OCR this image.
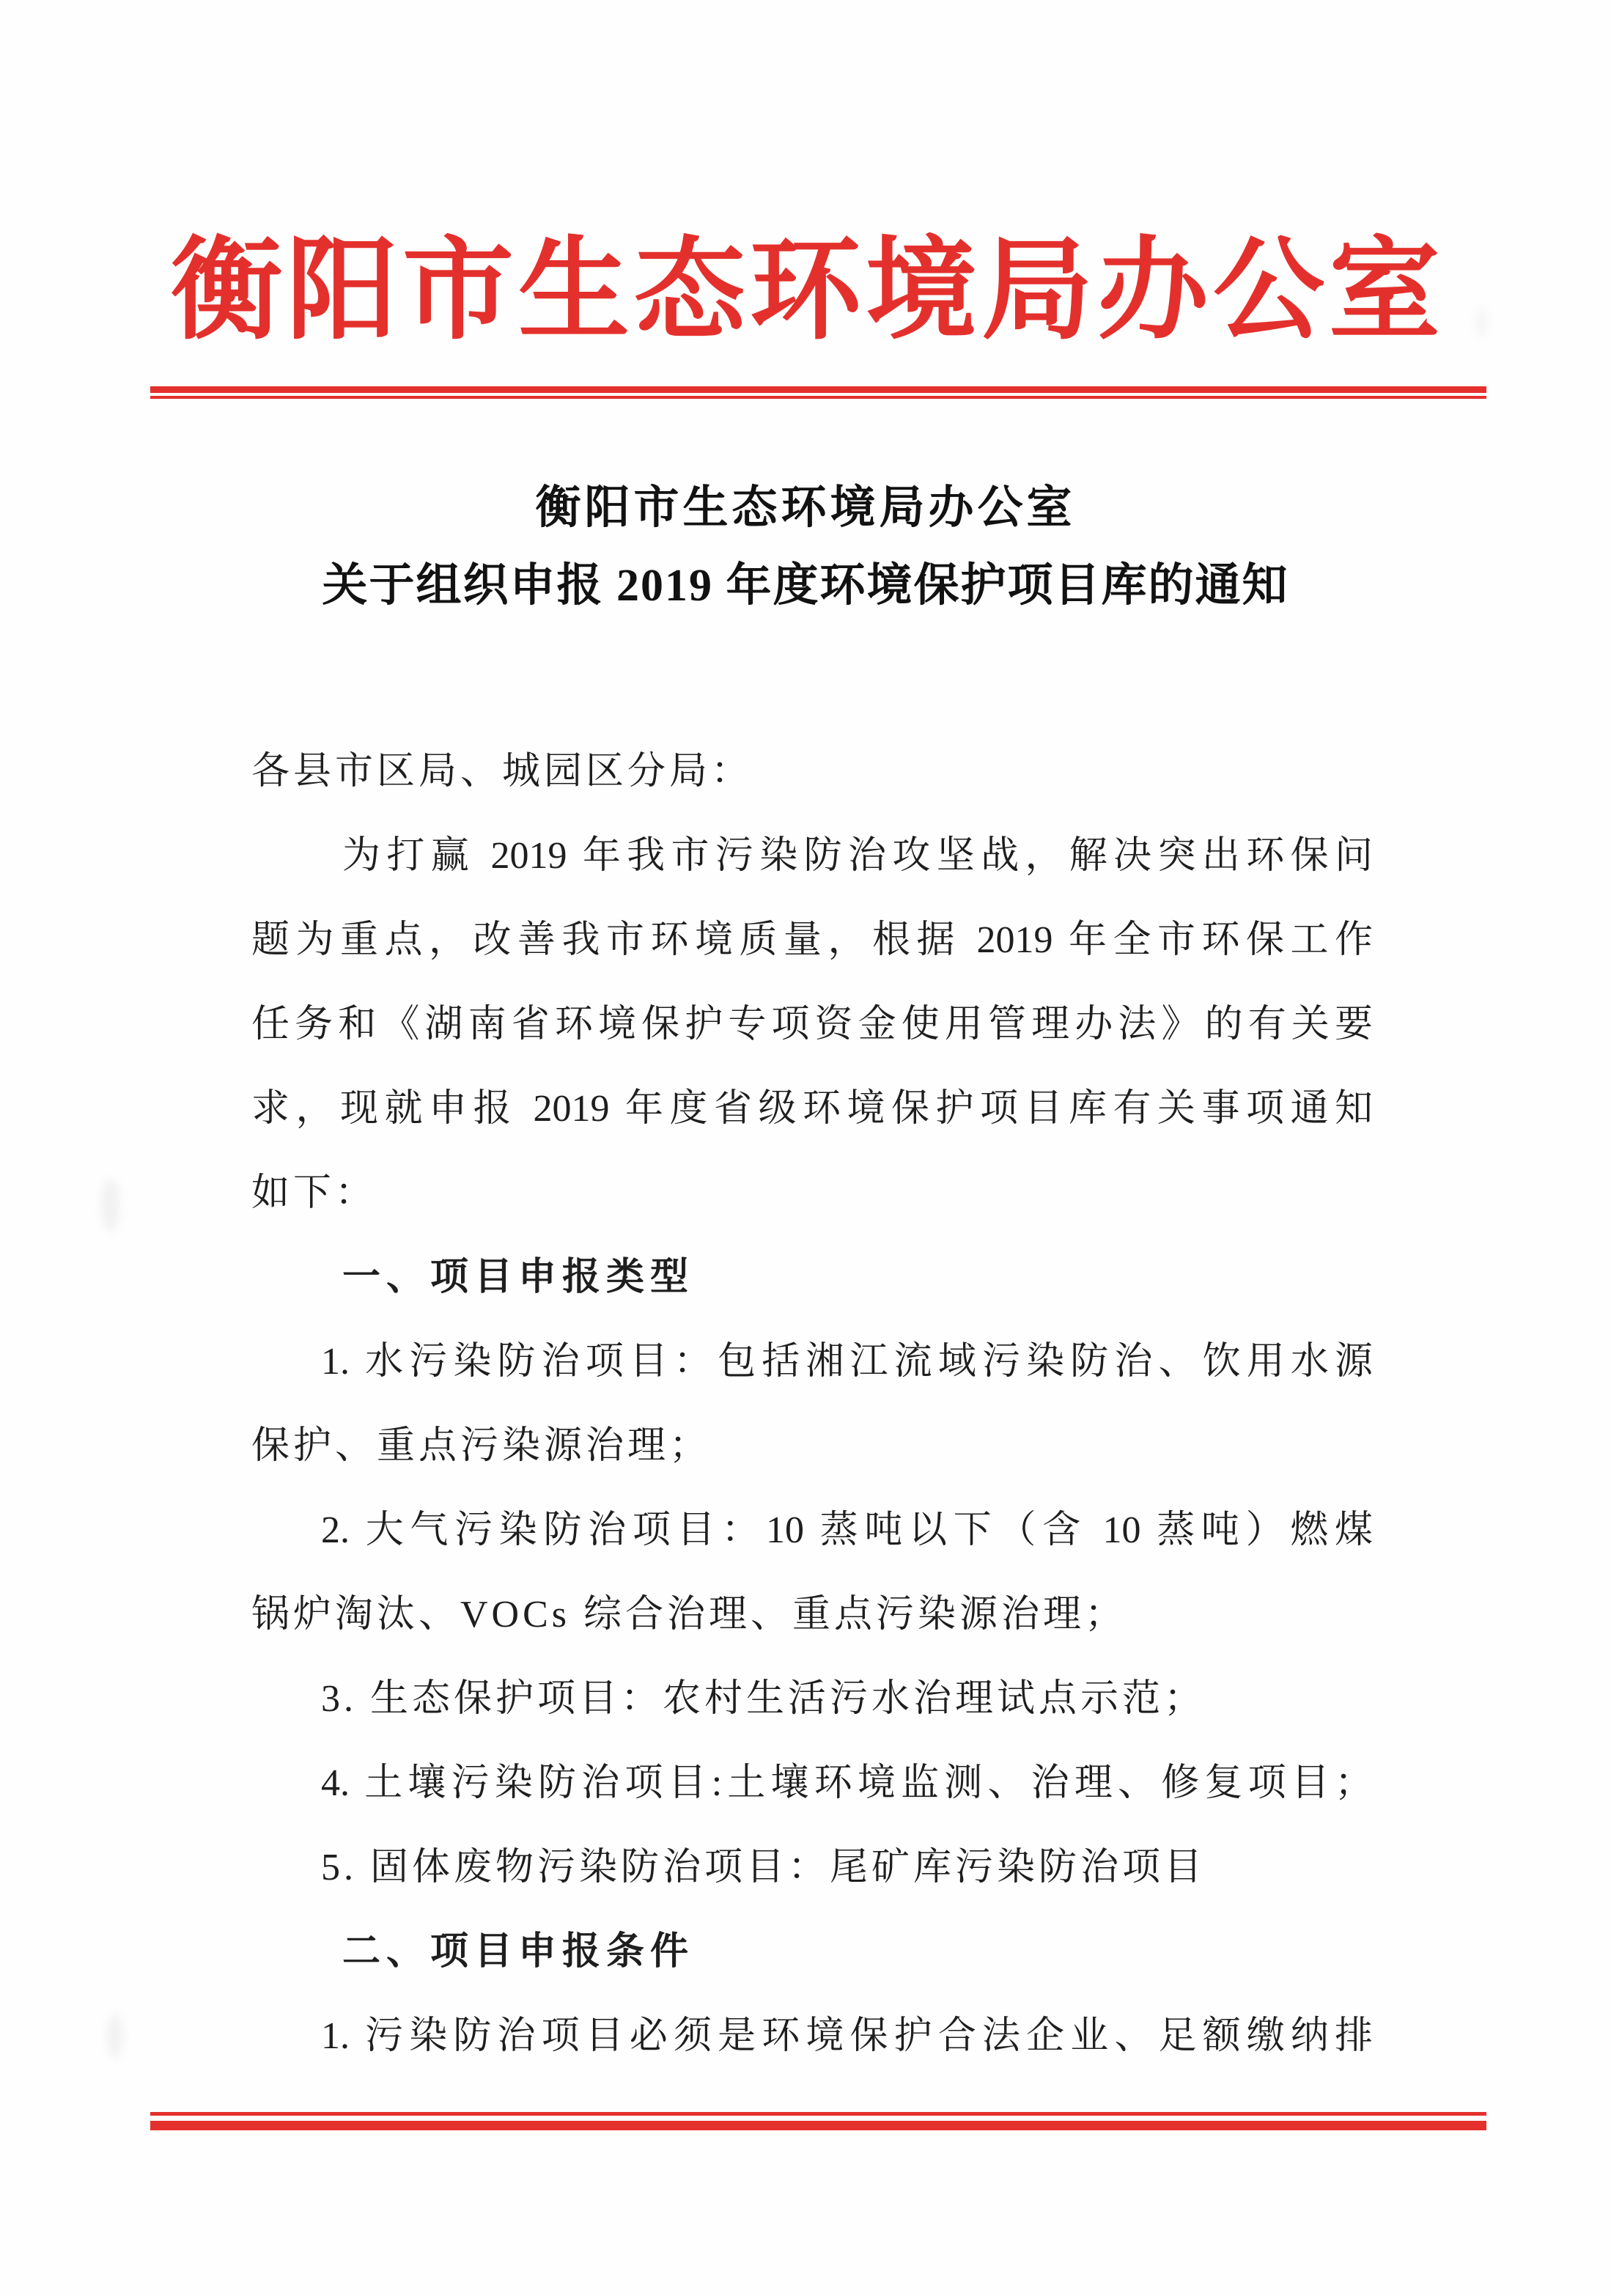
衡阳市生态环境局办公室
衡阳市生态环境局办公室
关于组织申报 2019 年度环境保护项目库的通知
各县市区局、城园区分局：
为打赢 2019 年我市污染防治攻坚战，解决突出环保问
题为重点，改善我市环境质量，根据 2019 年全市环保工作
任务和《湖南省环境保护专项资金使用管理办法》的有关要
求，现就申报 2019 年度省级环境保护项目库有关事项通知
如下：
一、项目申报类型
1. 水污染防治项目：包括湘江流域污染防治、饮用水源
保护、重点污染源治理；
2. 大气污染防治项目：10 蒸吨以下（含 10 蒸吨）燃煤
锅炉淘汰、VOCs 综合治理、重点污染源治理；
3. 生态保护项目：农村生活污水治理试点示范；
4. 土壤污染防治项目:土壤环境监测、治理、修复项目；
5. 固体废物污染防治项目：尾矿库污染防治项目
二、项目申报条件
1. 污染防治项目必须是环境保护合法企业、足额缴纳排
